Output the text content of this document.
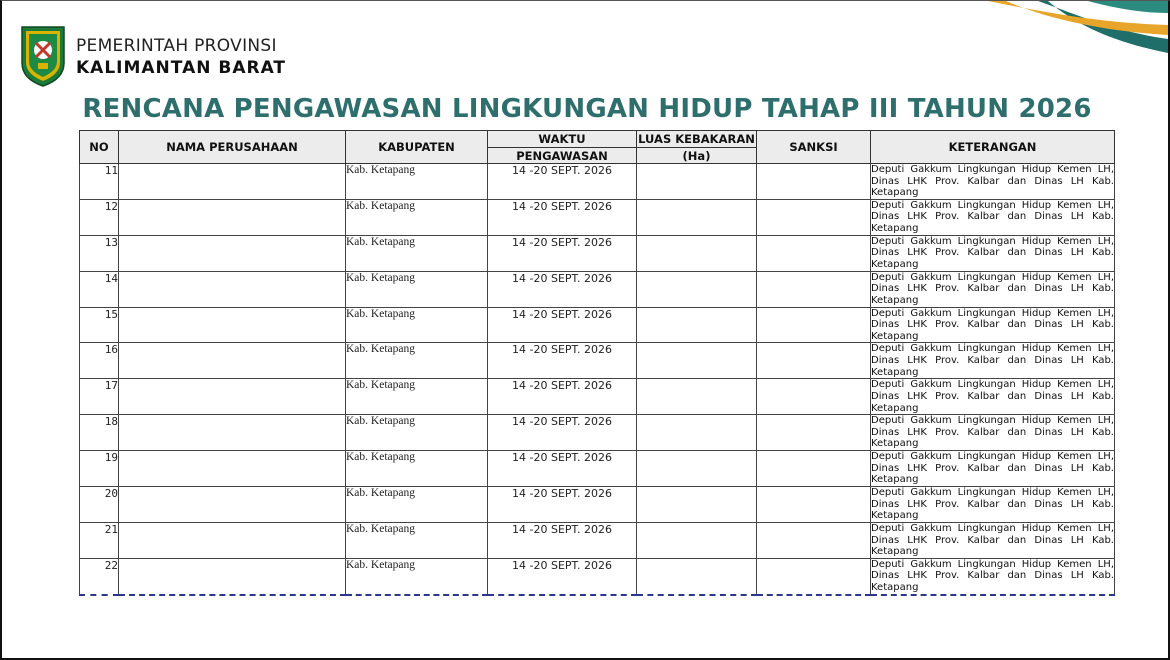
PEMERINTAH PROVINSI
KALIMANTAN BARAT
RENCANA PENGAWASAN LINGKUNGAN HIDUP TAHAP III TAHUN 2026
NO	NAMA PERUSAHAAN	KABUPATEN	WAKTU	LUAS KEBAKARAN	SANKSI	KETERANGAN
			PENGAWASAN	(Ha)		
11		Kab. Ketapang	14 -20 SEPT. 2026			Deputi Gakkum Lingkungan Hidup Kemen LH, Dinas LHK Prov. Kalbar dan Dinas LH Kab. Ketapang

12		Kab. Ketapang	14 -20 SEPT. 2026			Deputi Gakkum Lingkungan Hidup Kemen LH, Dinas LHK Prov. Kalbar dan Dinas LH Kab. Ketapang

13		Kab. Ketapang	14 -20 SEPT. 2026			Deputi Gakkum Lingkungan Hidup Kemen LH, Dinas LHK Prov. Kalbar dan Dinas LH Kab. Ketapang

14		Kab. Ketapang	14 -20 SEPT. 2026			Deputi Gakkum Lingkungan Hidup Kemen LH, Dinas LHK Prov. Kalbar dan Dinas LH Kab. Ketapang

15		Kab. Ketapang	14 -20 SEPT. 2026			Deputi Gakkum Lingkungan Hidup Kemen LH, Dinas LHK Prov. Kalbar dan Dinas LH Kab. Ketapang

16		Kab. Ketapang	14 -20 SEPT. 2026			Deputi Gakkum Lingkungan Hidup Kemen LH, Dinas LHK Prov. Kalbar dan Dinas LH Kab. Ketapang

17		Kab. Ketapang	14 -20 SEPT. 2026			Deputi Gakkum Lingkungan Hidup Kemen LH, Dinas LHK Prov. Kalbar dan Dinas LH Kab. Ketapang

18		Kab. Ketapang	14 -20 SEPT. 2026			Deputi Gakkum Lingkungan Hidup Kemen LH, Dinas LHK Prov. Kalbar dan Dinas LH Kab. Ketapang

19		Kab. Ketapang	14 -20 SEPT. 2026			Deputi Gakkum Lingkungan Hidup Kemen LH, Dinas LHK Prov. Kalbar dan Dinas LH Kab. Ketapang

20		Kab. Ketapang	14 -20 SEPT. 2026			Deputi Gakkum Lingkungan Hidup Kemen LH, Dinas LHK Prov. Kalbar dan Dinas LH Kab. Ketapang

21		Kab. Ketapang	14 -20 SEPT. 2026			Deputi Gakkum Lingkungan Hidup Kemen LH, Dinas LHK Prov. Kalbar dan Dinas LH Kab. Ketapang

22		Kab. Ketapang	14 -20 SEPT. 2026			Deputi Gakkum Lingkungan Hidup Kemen LH, Dinas LHK Prov. Kalbar dan Dinas LH Kab. Ketapang
